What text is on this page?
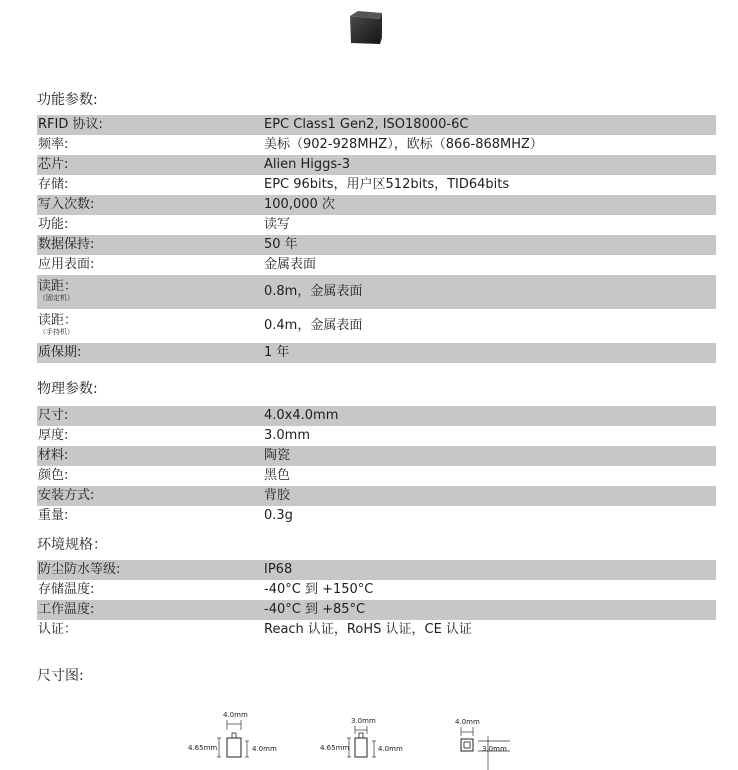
功能参数:
RFID 协议:	EPC Class1 Gen2, ISO18000-6C
频率:	美标（902-928MHZ），欧标（866-868MHZ）
芯片:	Alien Higgs-3
存储:	EPC 96bits，用户区512bits，TID64bits
写入次数:	100,000 次
功能:	读写
数据保持:	50 年
应用表面:	金属表面
读距：
（固定机）	0.8m，金属表面
读距：
（手持机）	0.4m，金属表面
质保期:	1 年
物理参数:
尺寸:	4.0x4.0mm
厚度:	3.0mm
材料:	陶瓷
颜色:	黑色
安装方式:	背胶
重量:	0.3g
环境规格：
防尘防水等级:	IP68
存储温度:	-40°C 到 +150°C
工作温度:	-40°C 到 +85°C
认证：	Reach 认证，RoHS 认证，CE 认证
尺寸图:
4.0mm
4.65mm	4.0mm
3.0mm
4.65mm	4.0mm
4.0mm
3.0mm
